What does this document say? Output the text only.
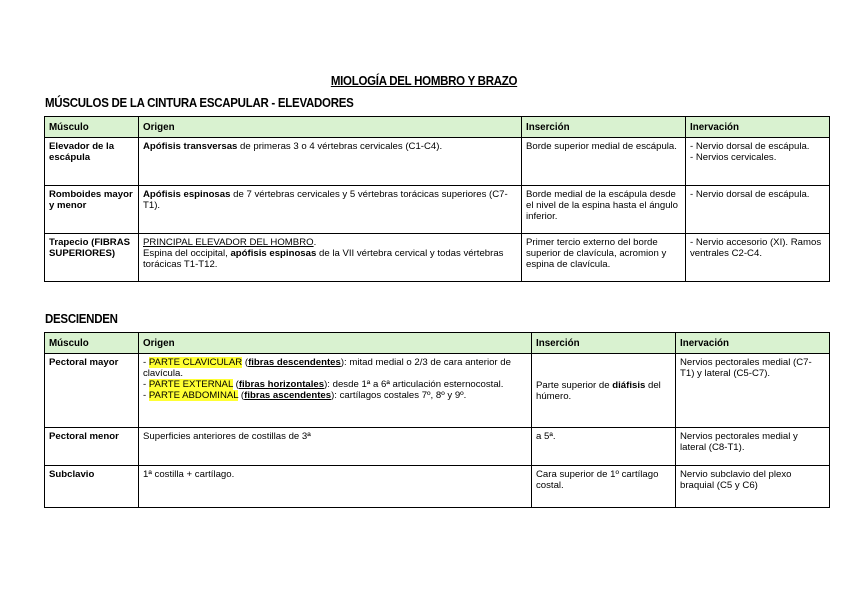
MIOLOGÍA DEL HOMBRO Y BRAZO
MÚSCULOS DE LA CINTURA ESCAPULAR - ELEVADORES
Músculo	Origen	Inserción	Inervación
Elevador de la escápula	Apófisis transversas de primeras 3 o 4 vértebras cervicales (C1-C4).	Borde superior medial de escápula.	- Nervio dorsal de escápula.
- Nervios cervicales.

Romboides mayor y menor	Apófisis espinosas de 7 vértebras cervicales y 5 vértebras torácicas superiores (C7-T1).	Borde medial de la escápula desde el nivel de la espina hasta el ángulo inferior.	- Nervio dorsal de escápula.
Trapecio (FIBRAS SUPERIORES)	PRINCIPAL ELEVADOR DEL HOMBRO.
Espina del occipital, apófisis espinosas de la VII vértebra cervical y todas vértebras torácicas T1-T12.	Primer tercio externo del borde superior de clavícula, acromion y espina de clavícula.	- Nervio accesorio (XI). Ramos ventrales C2-C4.
DESCIENDEN
Músculo	Origen	Inserción	Inervación
Pectoral mayor	- PARTE CLAVICULAR (fibras descendentes): mitad medial o 2/3 de cara anterior de clavícula.
- PARTE EXTERNAL (fibras horizontales): desde 1ª a 6ª articulación esternocostal.
- PARTE ABDOMINAL (fibras ascendentes): cartílagos costales 7º, 8º y 9º.	Parte superior de diáfisis del húmero.	Nervios pectorales medial (C7-T1) y lateral (C5-C7).
Pectoral menor	Superficies anteriores de costillas de 3ª	a 5ª.	Nervios pectorales medial y lateral (C8-T1).
Subclavio	1ª costilla + cartílago.	Cara superior de 1º cartílago costal.	Nervio subclavio del plexo braquial (C5 y C6)
